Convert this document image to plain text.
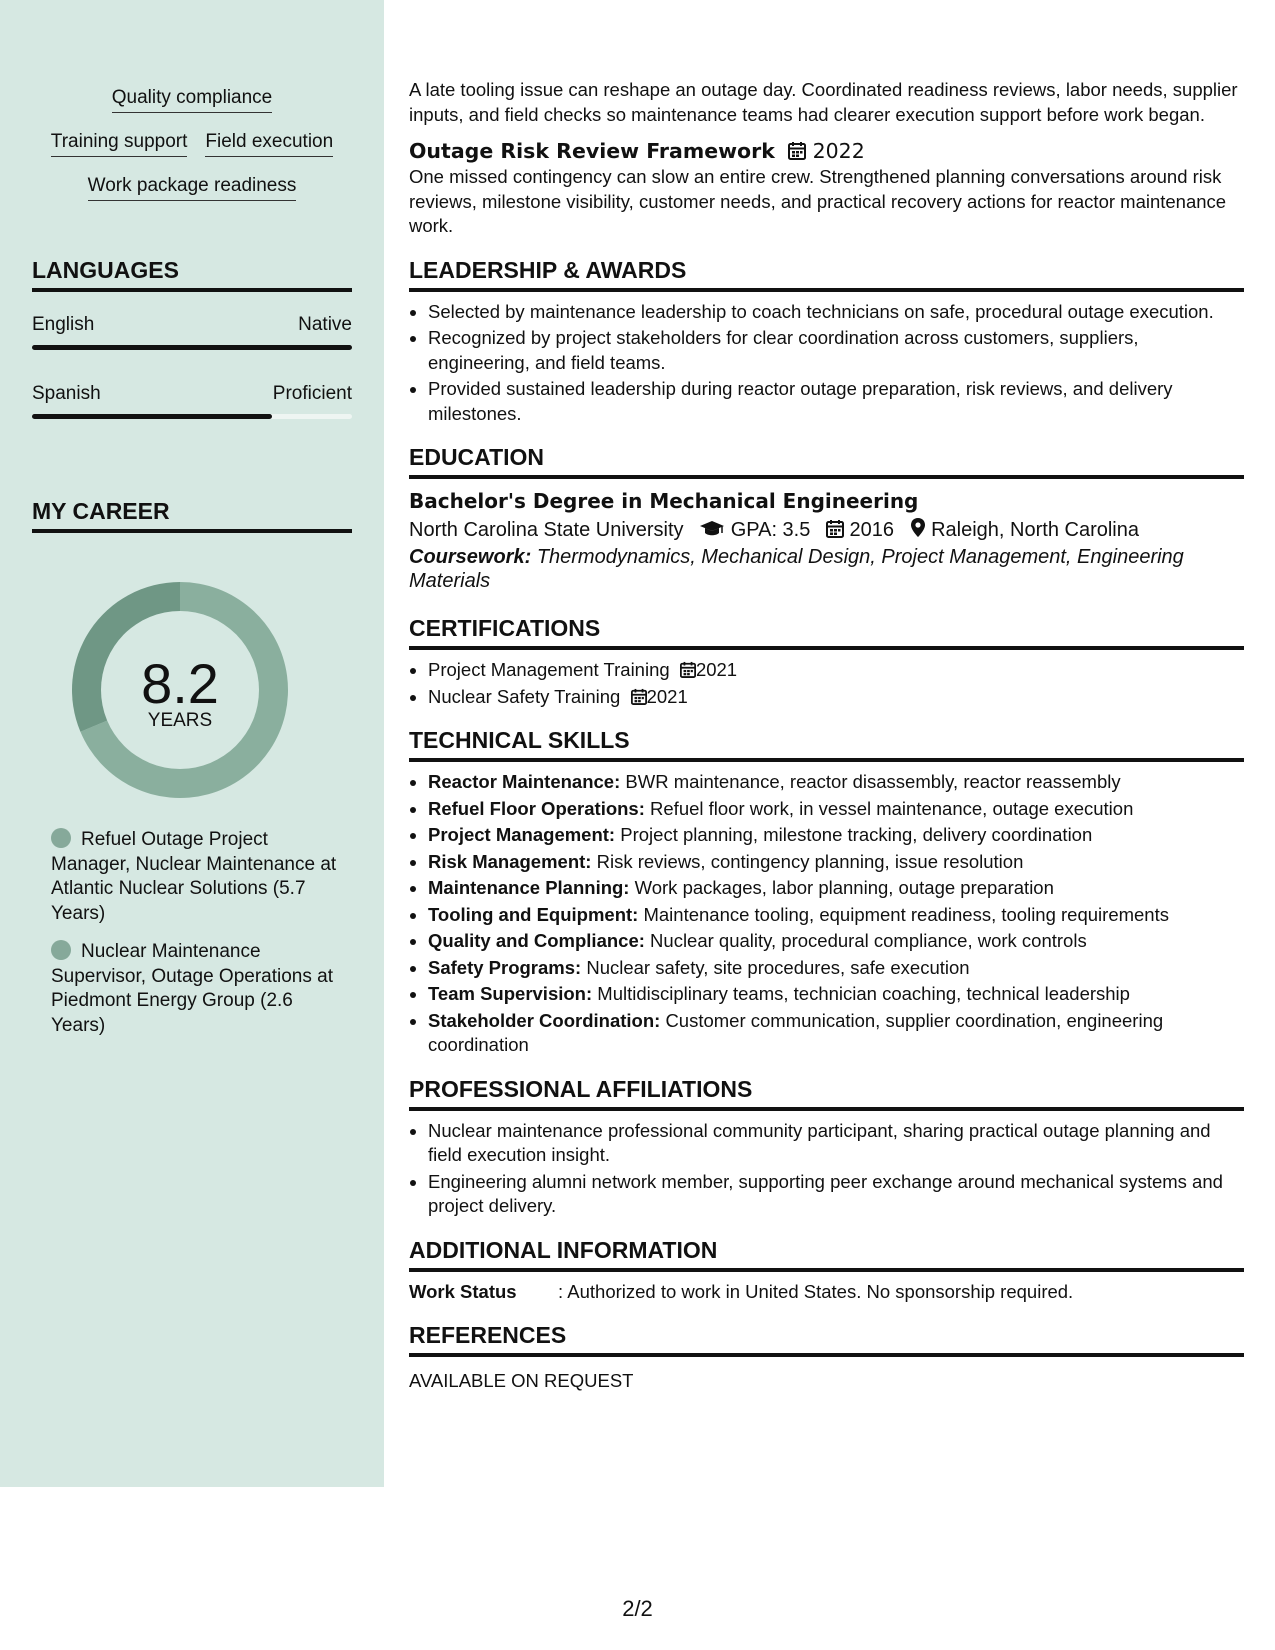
Quality compliance
Training support Field execution
Work package readiness
LANGUAGES
English	Native
Spanish	Proficient
MY CAREER
8.2
YEARS
Refuel Outage Project Manager, Nuclear Maintenance at Atlantic Nuclear Solutions (5.7 Years)
Nuclear Maintenance Supervisor, Outage Operations at Piedmont Energy Group (2.6 Years)

A late tooling issue can reshape an outage day. Coordinated readiness reviews, labor needs, supplier inputs, and field checks so maintenance teams had clearer execution support before work began.

Outage Risk Review Framework 2022

One missed contingency can slow an entire crew. Strengthened planning conversations around risk reviews, milestone visibility, customer needs, and practical recovery actions for reactor maintenance work.

LEADERSHIP & AWARDS
• Selected by maintenance leadership to coach technicians on safe, procedural outage execution.
• Recognized by project stakeholders for clear coordination across customers, suppliers, engineering, and field teams.
• Provided sustained leadership during reactor outage preparation, risk reviews, and delivery milestones.
EDUCATION
Bachelor's Degree in Mechanical Engineering
North Carolina State University GPA: 3.5 2016 Raleigh, North Carolina
Coursework: Thermodynamics, Mechanical Design, Project Management, Engineering Materials
CERTIFICATIONS
• Project Management Training 2021
• Nuclear Safety Training 2021
TECHNICAL SKILLS
• Reactor Maintenance: BWR maintenance, reactor disassembly, reactor reassembly
• Refuel Floor Operations: Refuel floor work, in vessel maintenance, outage execution
• Project Management: Project planning, milestone tracking, delivery coordination
• Risk Management: Risk reviews, contingency planning, issue resolution
• Maintenance Planning: Work packages, labor planning, outage preparation
• Tooling and Equipment: Maintenance tooling, equipment readiness, tooling requirements
• Quality and Compliance: Nuclear quality, procedural compliance, work controls
• Safety Programs: Nuclear safety, site procedures, safe execution
• Team Supervision: Multidisciplinary teams, technician coaching, technical leadership
• Stakeholder Coordination: Customer communication, supplier coordination, engineering coordination
PROFESSIONAL AFFILIATIONS
• Nuclear maintenance professional community participant, sharing practical outage planning and field execution insight.
• Engineering alumni network member, supporting peer exchange around mechanical systems and project delivery.
ADDITIONAL INFORMATION
Work Status	: Authorized to work in United States. No sponsorship required.
REFERENCES

AVAILABLE ON REQUEST

2/2
